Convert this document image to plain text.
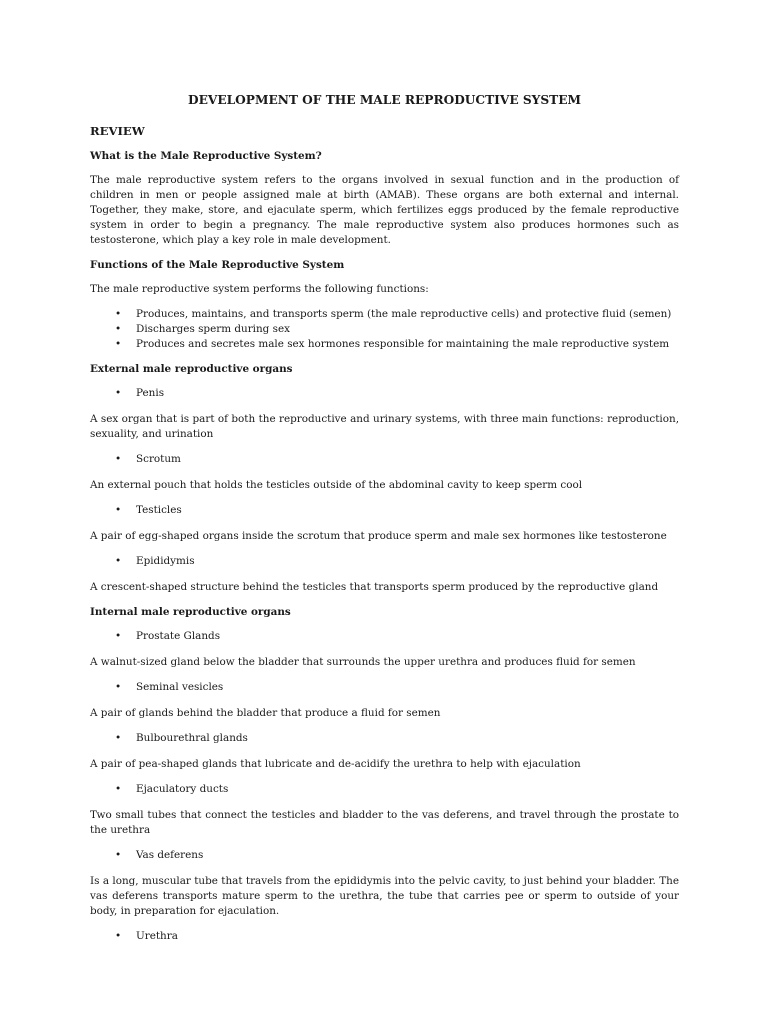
DEVELOPMENT OF THE MALE REPRODUCTIVE SYSTEM
REVIEW
What is the Male Reproductive System?

The male reproductive system refers to the organs involved in sexual function and in the production of children in men or people assigned male at birth (AMAB). These organs are both external and internal. Together, they make, store, and ejaculate sperm, which fertilizes eggs produced by the female reproductive system in order to begin a pregnancy. The male reproductive system also produces hormones such as testosterone, which play a key role in male development.

Functions of the Male Reproductive System

The male reproductive system performs the following functions:

• Produces, maintains, and transports sperm (the male reproductive cells) and protective fluid (semen)
• Discharges sperm during sex
• Produces and secretes male sex hormones responsible for maintaining the male reproductive system
External male reproductive organs
• Penis

A sex organ that is part of both the reproductive and urinary systems, with three main functions: reproduction, sexuality, and urination

• Scrotum

An external pouch that holds the testicles outside of the abdominal cavity to keep sperm cool

• Testicles

A pair of egg-shaped organs inside the scrotum that produce sperm and male sex hormones like testosterone

• Epididymis

A crescent-shaped structure behind the testicles that transports sperm produced by the reproductive gland

Internal male reproductive organs
• Prostate Glands

A walnut-sized gland below the bladder that surrounds the upper urethra and produces fluid for semen

• Seminal vesicles

A pair of glands behind the bladder that produce a fluid for semen

• Bulbourethral glands

A pair of pea-shaped glands that lubricate and de-acidify the urethra to help with ejaculation

• Ejaculatory ducts

Two small tubes that connect the testicles and bladder to the vas deferens, and travel through the prostate to the urethra

• Vas deferens

Is a long, muscular tube that travels from the epididymis into the pelvic cavity, to just behind your bladder. The vas deferens transports mature sperm to the urethra, the tube that carries pee or sperm to outside of your body, in preparation for ejaculation.

• Urethra
